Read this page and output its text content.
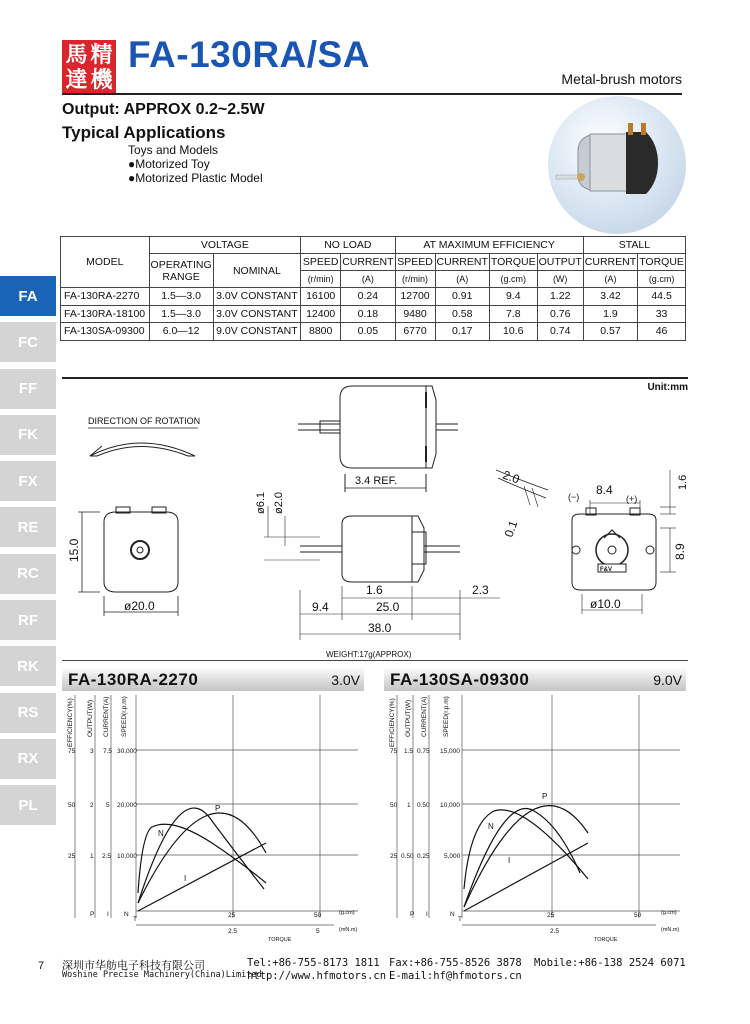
馬 精
達 機
FA-130RA/SA
Metal-brush motors
Output: APPROX 0.2~2.5W
Typical Applications
Toys and Models
●Motorized Toy
●Motorized Plastic Model
FA
FC
FF
FK
FX
RE
RC
RF
RK
RS
RX
PL
MODEL	VOLTAGE		NO LOAD		AT MAXIMUM EFFICIENCY				STALL	
	OPERATING RANGE	NOMINAL	SPEED	CURRENT	SPEED	CURRENT	TORQUE	OUTPUT	CURRENT	TORQUE
			(r/min)	(A)	(r/min)	(A)	(g.cm)	(W)	(A)	(g.cm)
FA-130RA-2270	1.5—3.0	3.0V CONSTANT	16100	0.24	12700	0.91	9.4	1.22	3.42	44.5
FA-130RA-18100	1.5—3.0	3.0V CONSTANT	12400	0.18	9480	0.58	7.8	0.76	1.9	33
FA-130SA-09300	6.0—12	9.0V CONSTANT	8800	0.05	6770	0.17	10.6	0.74	0.57	46
Unit:mm
DIRECTION OF ROTATION
3.4 REF.
15.0
ø20.0
ø6.1 ø2.0
1.6	2.3
9.4	25.0
38.0
2.0
0.1
F&V
8.4
(−)	(+)
1.6
8.9
ø10.0
WEIGHT:17g(APPROX)
FA-130RA-2270	3.0V
EFFICIENCY(%) OUTPUT(W) CURRENT(A) SPEED(r.p.m)
75 3 7.5 30,000
50 2 5 20,000
25 1 2.5 10,000
P I N
T
25	50	(g.cm)
2.5	5	(mN.m)
TORQUE
P
N
I
FA-130SA-09300	9.0V
EFFICIENCY(%) OUTPUT(W) CURRENT(A) SPEED(r.p.m)
75 1.5 0.75 15,000
50 1 0.50 10,000
25 0.50 0.25 5,000
P I	N
T
25	50	(g.cm)
2.5	(mN.m)
TORQUE
P
N
I
7 深圳市华舫电子科技有限公司
Woshine Precise Machinery(China)Limited
Tel:+86-755-8173 1811
http://www.hfmotors.cn
Fax:+86-755-8526 3878
E-mail:hf@hfmotors.cn
Mobile:+86-138 2524 6071
